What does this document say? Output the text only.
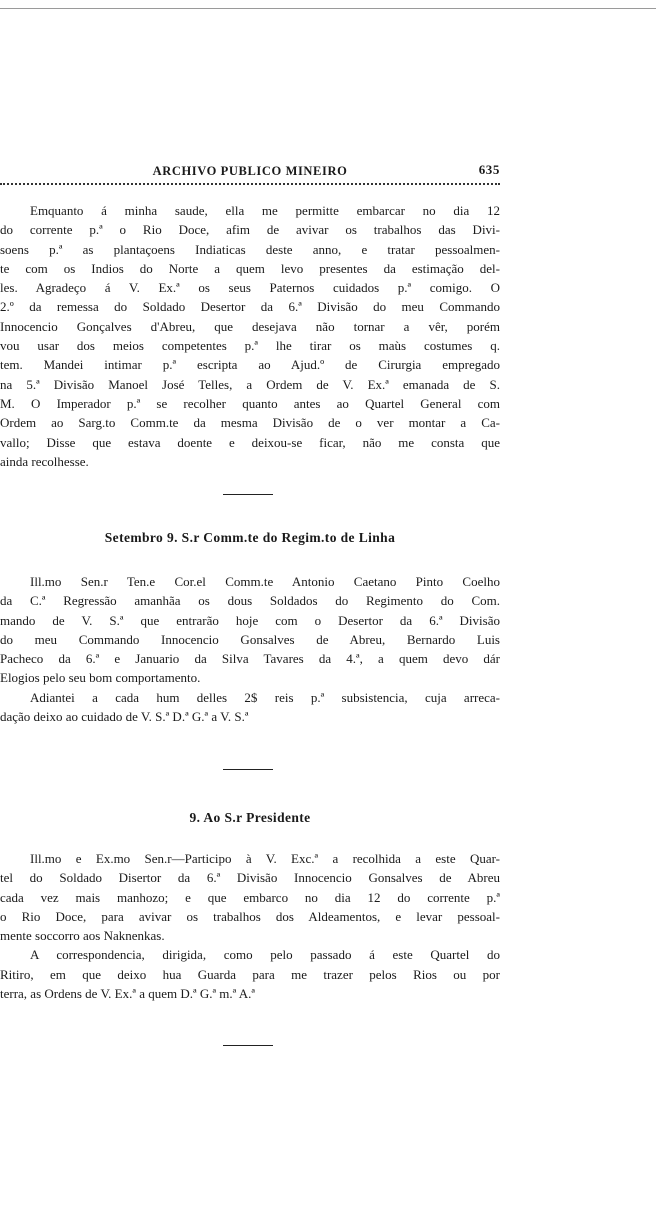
ARCHIVO PUBLICO MINEIRO	635
Emquanto á minha saude, ella me permitte embarcar no dia 12
do corrente p.ª o Rio Doce, afim de avivar os trabalhos das Divi-
soens p.ª as plantaçoens Indiaticas deste anno, e tratar pessoalmen-
te com os Indios do Norte a quem levo presentes da estimação del-
les. Agradeço á V. Ex.ª os seus Paternos cuidados p.ª comigo. O
2.º da remessa do Soldado Desertor da 6.ª Divisão do meu Commando
Innocencio Gonçalves d'Abreu, que desejava não tornar a vêr, porém
vou usar dos meios competentes p.ª lhe tirar os maùs costumes q.
tem. Mandei intimar p.ª escripta ao Ajud.º de Cirurgia empregado
na 5.ª Divisão Manoel José Telles, a Ordem de V. Ex.ª emanada de S.
M. O Imperador p.ª se recolher quanto antes ao Quartel General com
Ordem ao Sarg.to Comm.te da mesma Divisão de o ver montar a Ca-
vallo; Disse que estava doente e deixou-se ficar, não me consta que
ainda recolhesse.
Setembro 9. S.r Comm.te do Regim.to de Linha
Ill.mo Sen.r Ten.e Cor.el Comm.te Antonio Caetano Pinto Coelho
da C.ª Regressão amanhãa os dous Soldados do Regimento do Com.
mando de V. S.ª que entrarão hoje com o Desertor da 6.ª Divisão
do meu Commando Innocencio Gonsalves de Abreu, Bernardo Luis
Pacheco da 6.ª e Januario da Silva Tavares da 4.ª, a quem devo dár
Elogios pelo seu bom comportamento.
Adiantei a cada hum delles 2$ reis p.ª subsistencia, cuja arreca-
dação deixo ao cuidado de V. S.ª D.ª G.ª a V. S.ª
9. Ao S.r Presidente
Ill.mo e Ex.mo Sen.r—Participo à V. Exc.ª a recolhida a este Quar-
tel do Soldado Disertor da 6.ª Divisão Innocencio Gonsalves de Abreu
cada vez mais manhozo; e que embarco no dia 12 do corrente p.ª
o Rio Doce, para avivar os trabalhos dos Aldeamentos, e levar pessoal-
mente soccorro aos Naknenkas.
A correspondencia, dirigida, como pelo passado á este Quartel do
Ritiro, em que deixo hua Guarda para me trazer pelos Rios ou por
terra, as Ordens de V. Ex.ª a quem D.ª G.ª m.ª A.ª
